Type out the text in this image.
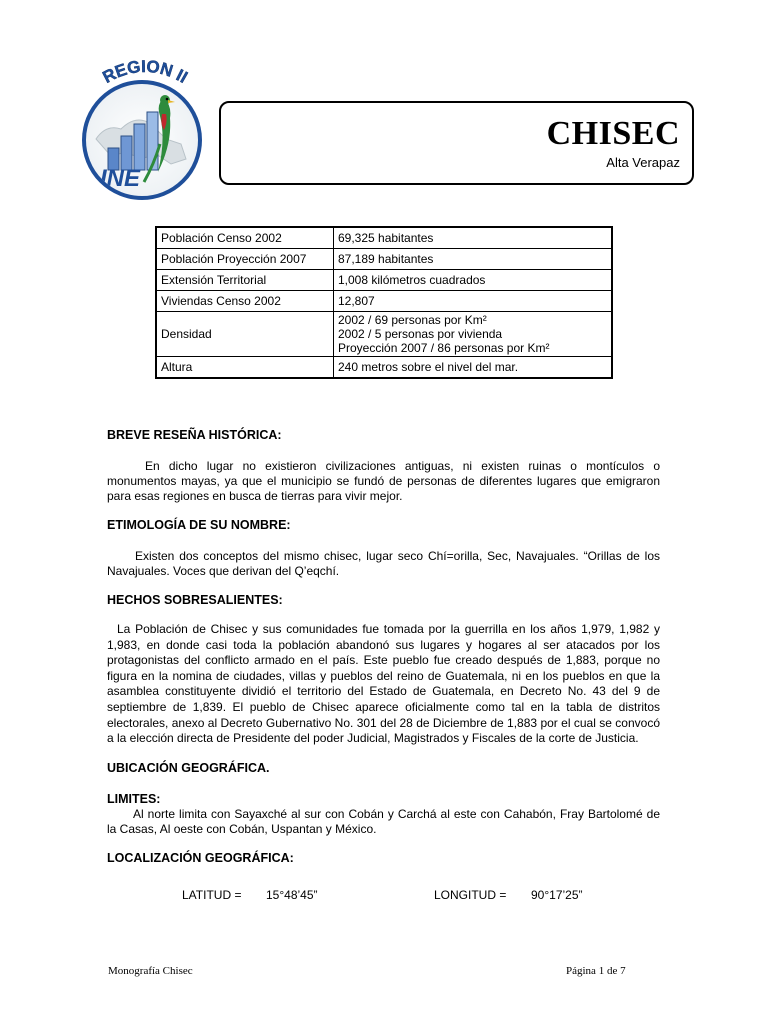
REGION II
INE
CHISEC
Alta Verapaz
Población Censo 2002	69,325 habitantes
Población Proyección 2007	87,189 habitantes
Extensión Territorial	1,008 kilómetros cuadrados
Viviendas Censo 2002	12,807
Densidad	2002 / 69 personas por Km²
2002 / 5 personas por vivienda
Proyección 2007 / 86 personas por Km²

Altura	240 metros sobre el nivel del mar.

BREVE RESEÑA HISTÓRICA:

En dicho lugar no existieron civilizaciones antiguas, ni existen ruinas o montículos o monumentos mayas, ya que el municipio se fundó de personas de diferentes lugares que emigraron para esas regiones en busca de tierras para vivir mejor.

ETIMOLOGÍA DE SU NOMBRE:

Existen dos conceptos del mismo chisec, lugar seco Chí=orilla, Sec, Navajuales. “Orillas de los Navajuales. Voces que derivan del Q’eqchí.

HECHOS SOBRESALIENTES:

La Población de Chisec y sus comunidades fue tomada por la guerrilla en los años 1,979, 1,982 y 1,983, en donde casi toda la población abandonó sus lugares y hogares al ser atacados por los protagonistas del conflicto armado en el país. Este pueblo fue creado después de 1,883, porque no figura en la nomina de ciudades, villas y pueblos del reino de Guatemala, ni en los pueblos en que la asamblea constituyente dividió el territorio del Estado de Guatemala, en Decreto No. 43 del 9 de septiembre de 1,839. El pueblo de Chisec aparece oficialmente como tal en la tabla de distritos electorales, anexo al Decreto Gubernativo No. 301 del 28 de Diciembre de 1,883 por el cual se convocó a la elección directa de Presidente del poder Judicial, Magistrados y Fiscales de la corte de Justicia.

UBICACIÓN GEOGRÁFICA.

LIMITES:

Al norte limita con Sayaxché al sur con Cobán y Carchá al este con Cahabón, Fray Bartolomé de la Casas, Al oeste con Cobán, Uspantan y México.

LOCALIZACIÓN GEOGRÁFICA:

LATITUD = 15°48’45”	LONGITUD = 90°17’25”
Monografía Chisec	Página 1 de 7
